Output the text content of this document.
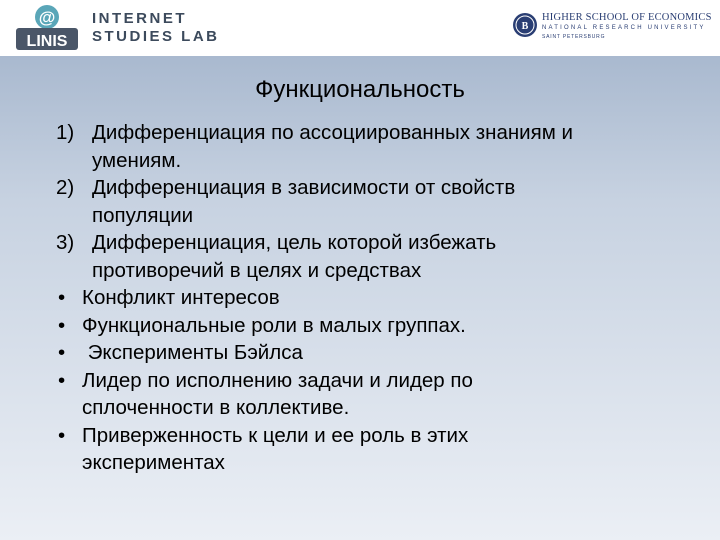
@
LINIS
INTERNET
STUDIES LAB
B
HIGHER SCHOOL OF ECONOMICS
NATIONAL RESEARCH UNIVERSITY
SAINT PETERSBURG
Функциональность
1) Дифференциация по ассоциированных знаниям и
умениям.
2) Дифференциация в зависимости от свойств
популяции
3) Дифференциация, цель которой избежать
противоречий в целях и средствах
• Конфликт интересов
• Функциональные роли в малых группах.
• Эксперименты Бэйлса
• Лидер по исполнению задачи и лидер по
сплоченности в коллективе.
• Приверженность к цели и ее роль в этих
экспериментах
